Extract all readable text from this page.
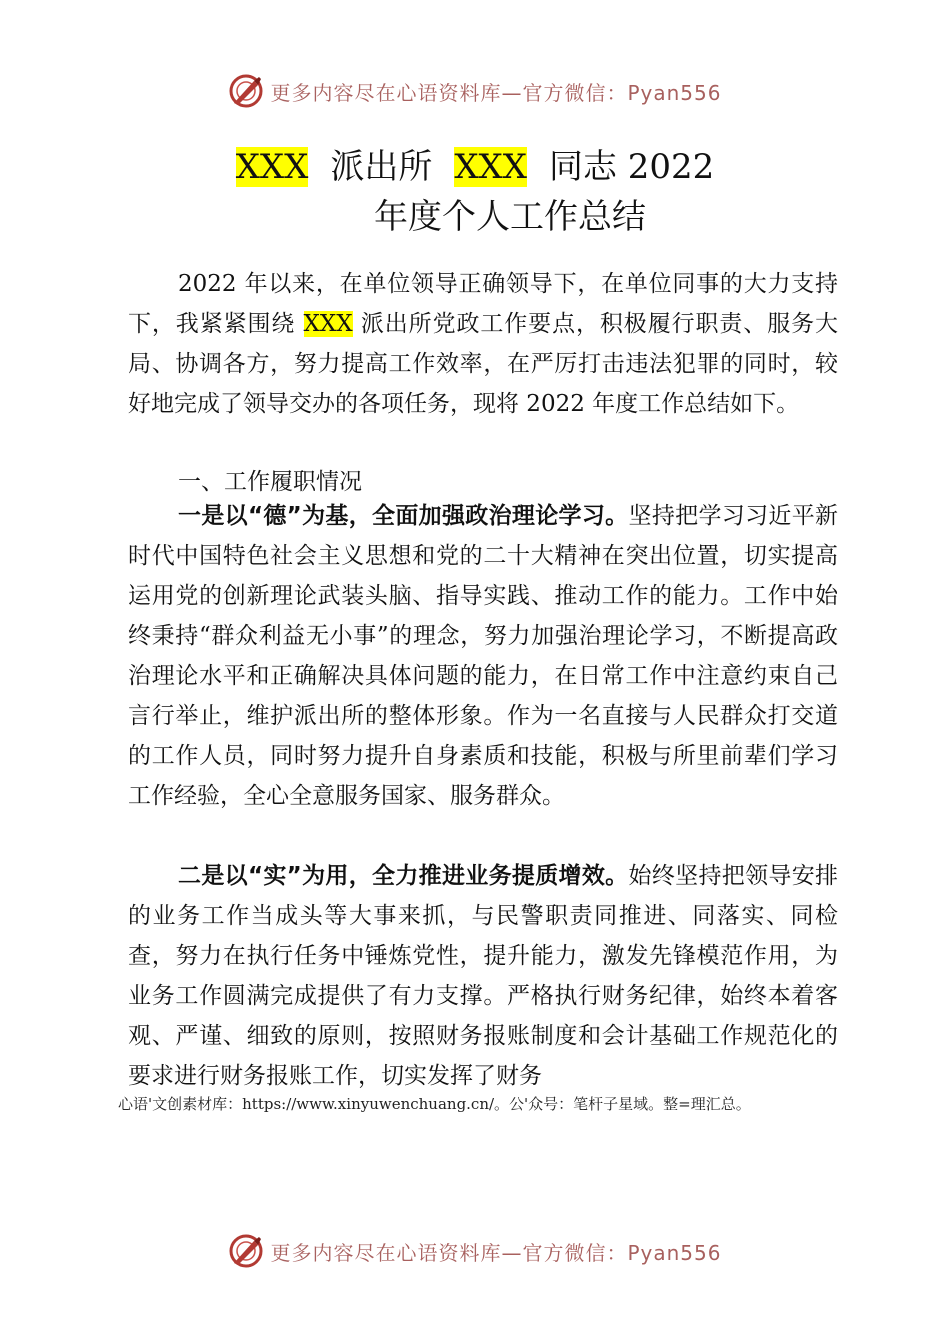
更多内容尽在心语资料库—官方微信：Pyan556
XXX 派出所 XXX 同志 2022
年度个人工作总结
2022 年以来，在单位领导正确领导下，在单位同事的大力支持下，我紧紧围绕 XXX 派出所党政工作要点，积极履行职责、服务大局、协调各方，努力提高工作效率，在严厉打击违法犯罪的同时，较好地完成了领导交办的各项任务，现将 2022 年度工作总结如下。
一、工作履职情况
一是以“德”为基，全面加强政治理论学习。坚持把学习习近平新时代中国特色社会主义思想和党的二十大精神在突出位置，切实提高运用党的创新理论武装头脑、指导实践、推动工作的能力。工作中始终秉持“群众利益无小事”的理念，努力加强治理论学习，不断提高政治理论水平和正确解决具体问题的能力，在日常工作中注意约束自己言行举止，维护派出所的整体形象。作为一名直接与人民群众打交道的工作人员，同时努力提升自身素质和技能，积极与所里前辈们学习工作经验，全心全意服务国家、服务群众。
二是以“实”为用，全力推进业务提质增效。始终坚持把领导安排的业务工作当成头等大事来抓，与民警职责同推进、同落实、同检查，努力在执行任务中锤炼党性，提升能力，激发先锋模范作用，为业务工作圆满完成提供了有力支撑。严格执行财务纪律，始终本着客观、严谨、细致的原则，按照财务报账制度和会计基础工作规范化的要求进行财务报账工作，切实发挥了财务
心语'文创素材库：https://www.xinyuwenchuang.cn/。公'众号：笔杆子星域。整=理汇总。
更多内容尽在心语资料库—官方微信：Pyan556
